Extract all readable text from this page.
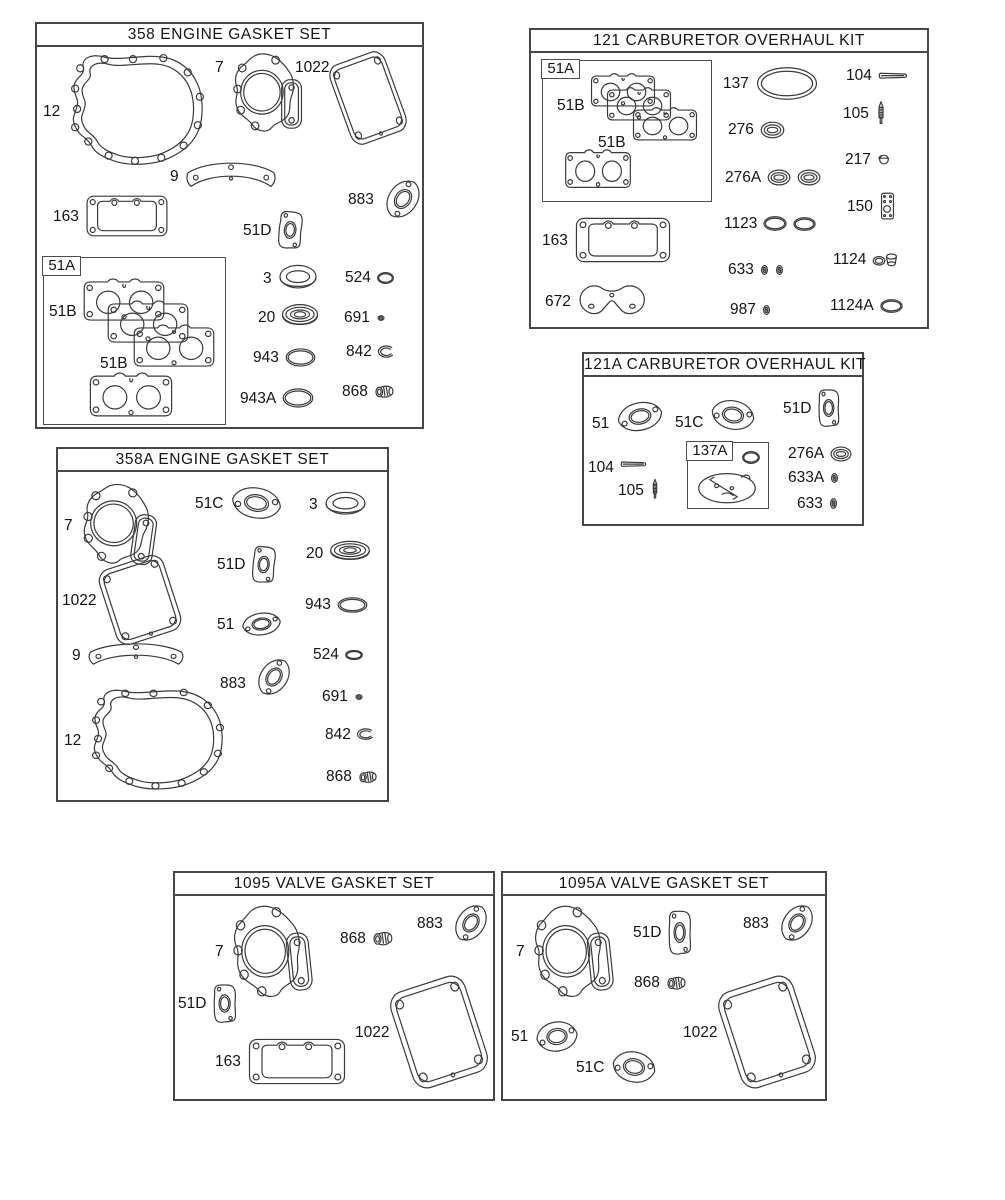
358 ENGINE GASKET SET
12
7	1022
9
163
51D
883
51A
51B
51B
3	524
20	691
943	842
943A	868
121 CARBURETOR OVERHAUL KIT
51A
51B
51B
163
672
137
276
276A
1123
633
987
104
105
217
150
1124
1124A
121A CARBURETOR OVERHAUL KIT
51	51C
51D
104
105
137A	276A
633A
633
358A ENGINE GASKET SET
7
51C	3
1022
51D
20
51
943
9	524
883
691
12	842
868
1095 VALVE GASKET SET
7
868
883
51D
163
1022
1095A VALVE GASKET SET
7
51D
883
868
51	1022
51C
